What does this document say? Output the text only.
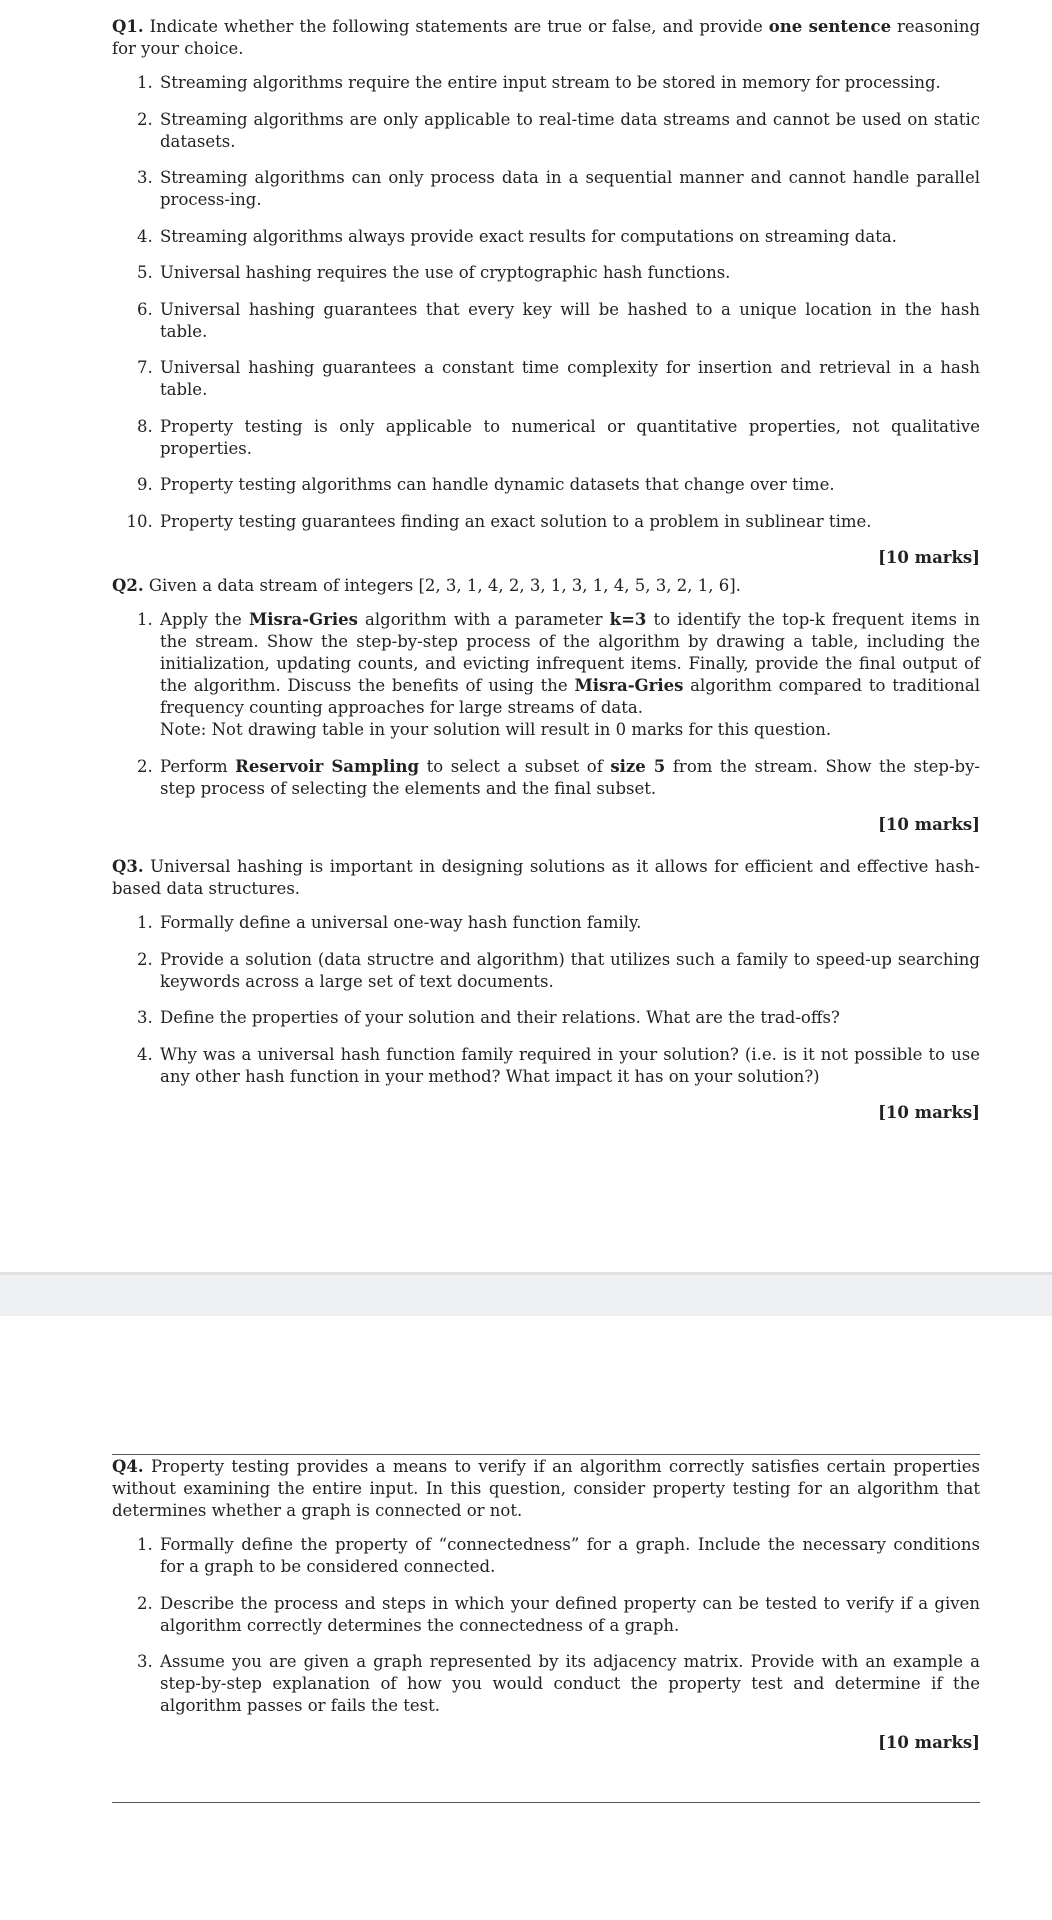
Q1. Indicate whether the following statements are true or false, and provide one sentence reasoning for your choice.

1. Streaming algorithms require the entire input stream to be stored in memory for processing.
2. Streaming algorithms are only applicable to real-time data streams and cannot be used on static datasets.
3. Streaming algorithms can only process data in a sequential manner and cannot handle parallel process-ing.
4. Streaming algorithms always provide exact results for computations on streaming data.
5. Universal hashing requires the use of cryptographic hash functions.
6. Universal hashing guarantees that every key will be hashed to a unique location in the hash table.
7. Universal hashing guarantees a constant time complexity for insertion and retrieval in a hash table.
8. Property testing is only applicable to numerical or quantitative properties, not qualitative properties.
9. Property testing algorithms can handle dynamic datasets that change over time.
10. Property testing guarantees finding an exact solution to a problem in sublinear time.
[10 marks]

Q2. Given a data stream of integers [2, 3, 1, 4, 2, 3, 1, 3, 1, 4, 5, 3, 2, 1, 6].

1. Apply the Misra-Gries algorithm with a parameter k=3 to identify the top-k frequent items in the stream. Show the step-by-step process of the algorithm by drawing a table, including the initialization, updating counts, and evicting infrequent items. Finally, provide the final output of the algorithm. Discuss the benefits of using the Misra-Gries algorithm compared to traditional frequency counting approaches for large streams of data.
Note: Not drawing table in your solution will result in 0 marks for this question.
2. Perform Reservoir Sampling to select a subset of size 5 from the stream. Show the step-by-step process of selecting the elements and the final subset.
[10 marks]

Q3. Universal hashing is important in designing solutions as it allows for efficient and effective hash-based data structures.

1. Formally define a universal one-way hash function family.
2. Provide a solution (data structre and algorithm) that utilizes such a family to speed-up searching keywords across a large set of text documents.
3. Define the properties of your solution and their relations. What are the trad-offs?
4. Why was a universal hash function family required in your solution? (i.e. is it not possible to use any other hash function in your method? What impact it has on your solution?)
[10 marks]

Q4. Property testing provides a means to verify if an algorithm correctly satisfies certain properties without examining the entire input. In this question, consider property testing for an algorithm that determines whether a graph is connected or not.

1. Formally define the property of “connectedness” for a graph. Include the necessary conditions for a graph to be considered connected.
2. Describe the process and steps in which your defined property can be tested to verify if a given algorithm correctly determines the connectedness of a graph.
3. Assume you are given a graph represented by its adjacency matrix. Provide with an example a step-by-step explanation of how you would conduct the property test and determine if the algorithm passes or fails the test.
[10 marks]
